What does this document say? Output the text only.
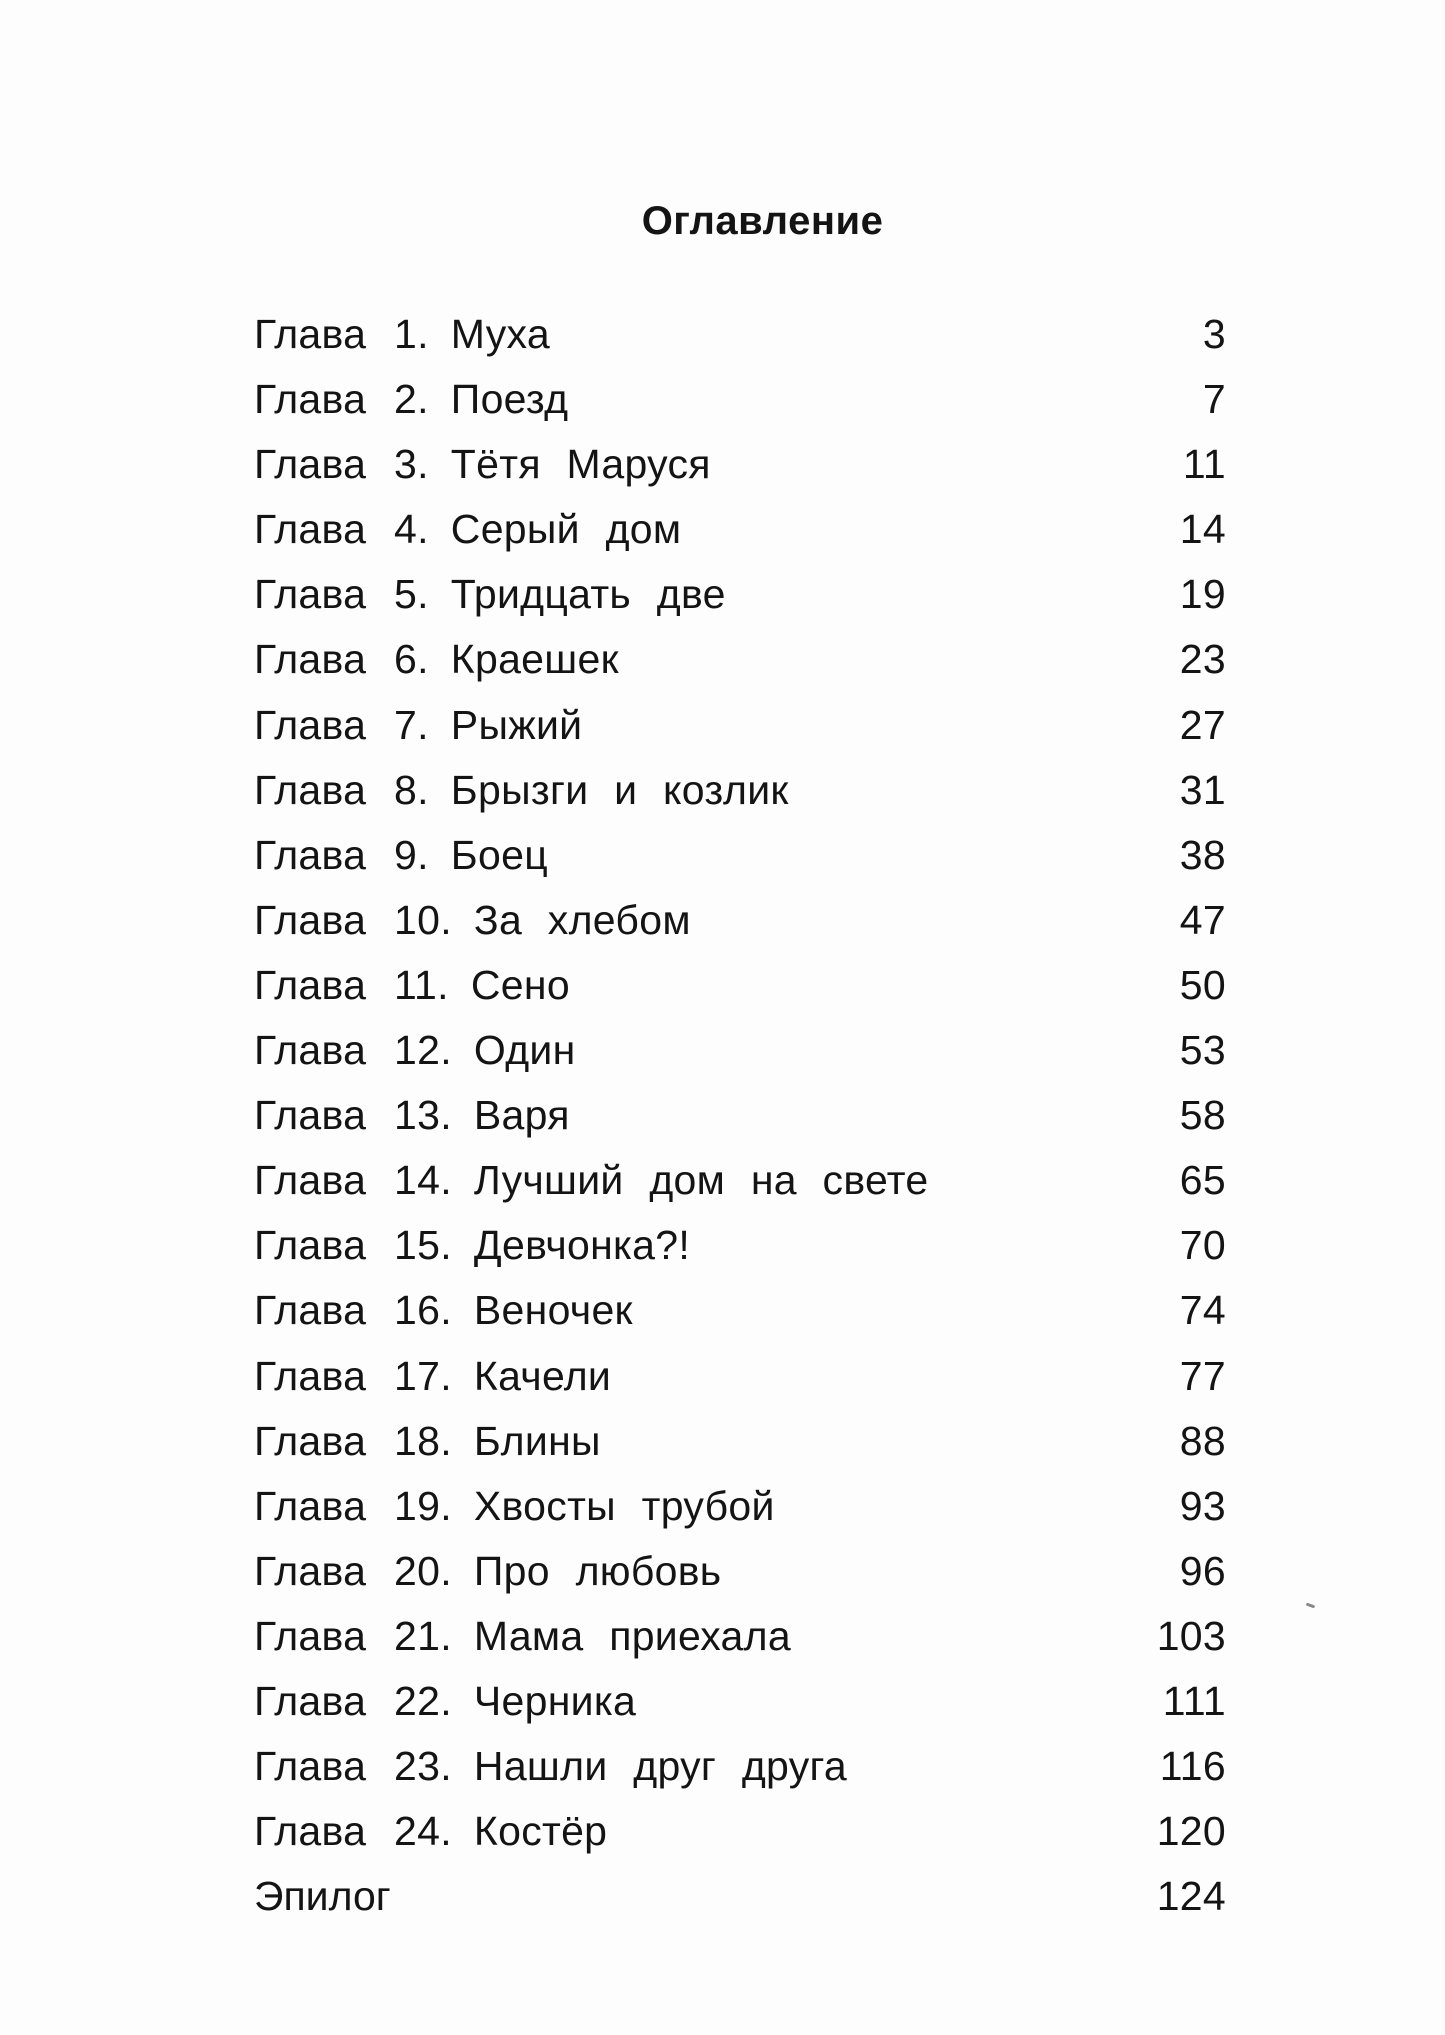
Оглавление
Глава 1. Муха	3
Глава 2. Поезд	7
Глава 3. Тётя Маруся	11
Глава 4. Серый дом	14
Глава 5. Тридцать две	19
Глава 6. Краешек	23
Глава 7. Рыжий	27
Глава 8. Брызги и козлик	31
Глава 9. Боец	38
Глава 10. За хлебом	47
Глава 11. Сено	50
Глава 12. Один	53
Глава 13. Варя	58
Глава 14. Лучший дом на свете	65
Глава 15. Девчонка?!	70
Глава 16. Веночек	74
Глава 17. Качели	77
Глава 18. Блины	88
Глава 19. Хвосты трубой	93
Глава 20. Про любовь	96
Глава 21. Мама приехала	103
Глава 22. Черника	111
Глава 23. Нашли друг друга	116
Глава 24. Костёр	120
Эпилог	124
